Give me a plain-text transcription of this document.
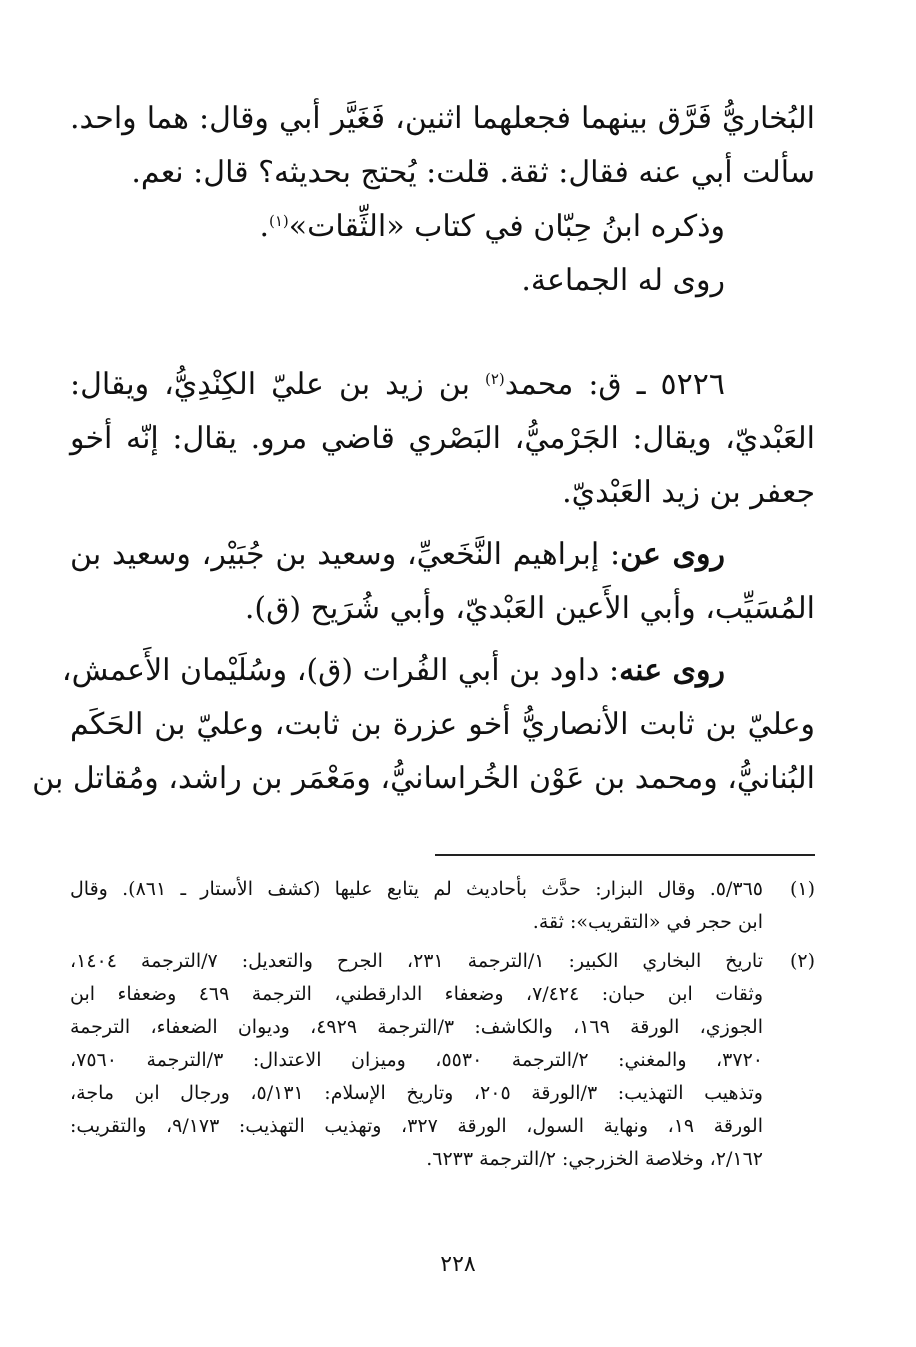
البُخاريُّ فَرَّق بينهما فجعلهما اثنين، فَغَيَّر أبي وقال: هما واحد.
سألت أبي عنه فقال: ثقة. قلت: يُحتج بحديثه؟ قال: نعم.
وذكره ابنُ حِبّان في كتاب «الثِّقات»$^{(١)}$.
روى له الجماعة.
٥٢٢٦ ـ ق: محمد$^{(٢)}$ بن زيد بن عليّ الكِنْدِيُّ، ويقال:
العَبْديّ، ويقال: الجَرْميُّ، البَصْري قاضي مرو. يقال: إنّه أخو
جعفر بن زيد العَبْديّ.
روى عن: إبراهيم النَّخَعيِّ، وسعيد بن جُبَيْر، وسعيد بن
المُسَيِّب، وأبي الأَعين العَبْديّ، وأبي شُرَيح (ق).
روى عنه: داود بن أبي الفُرات (ق)، وسُلَيْمان الأَعمش،
وعليّ بن ثابت الأنصاريُّ أخو عزرة بن ثابت، وعليّ بن الحَكَم
البُنانيُّ، ومحمد بن عَوْن الخُراسانيُّ، ومَعْمَر بن راشد، ومُقاتل بن
(١)
٥/٣٦٥. وقال البزار: حدَّث بأحاديث لم يتابع عليها (كشف الأستار ـ ٨٦١). وقال
ابن حجر في «التقريب»: ثقة.
(٢)
تاريخ البخاري الكبير: ١/الترجمة ٢٣١، الجرح والتعديل: ٧/الترجمة ١٤٠٤،
وثقات ابن حبان: ٧/٤٢٤، وضعفاء الدارقطني، الترجمة ٤٦٩ وضعفاء ابن
الجوزي، الورقة ١٦٩، والكاشف: ٣/الترجمة ٤٩٢٩، وديوان الضعفاء، الترجمة
٣٧٢٠، والمغني: ٢/الترجمة ٥٥٣٠، وميزان الاعتدال: ٣/الترجمة ٧٥٦٠،
وتذهيب التهذيب: ٣/الورقة ٢٠٥، وتاريخ الإسلام: ٥/١٣١، ورجال ابن ماجة،
الورقة ١٩، ونهاية السول، الورقة ٣٢٧، وتهذيب التهذيب: ٩/١٧٣، والتقريب:
٢/١٦٢، وخلاصة الخزرجي: ٢/الترجمة ٦٢٣٣.
٢٢٨
